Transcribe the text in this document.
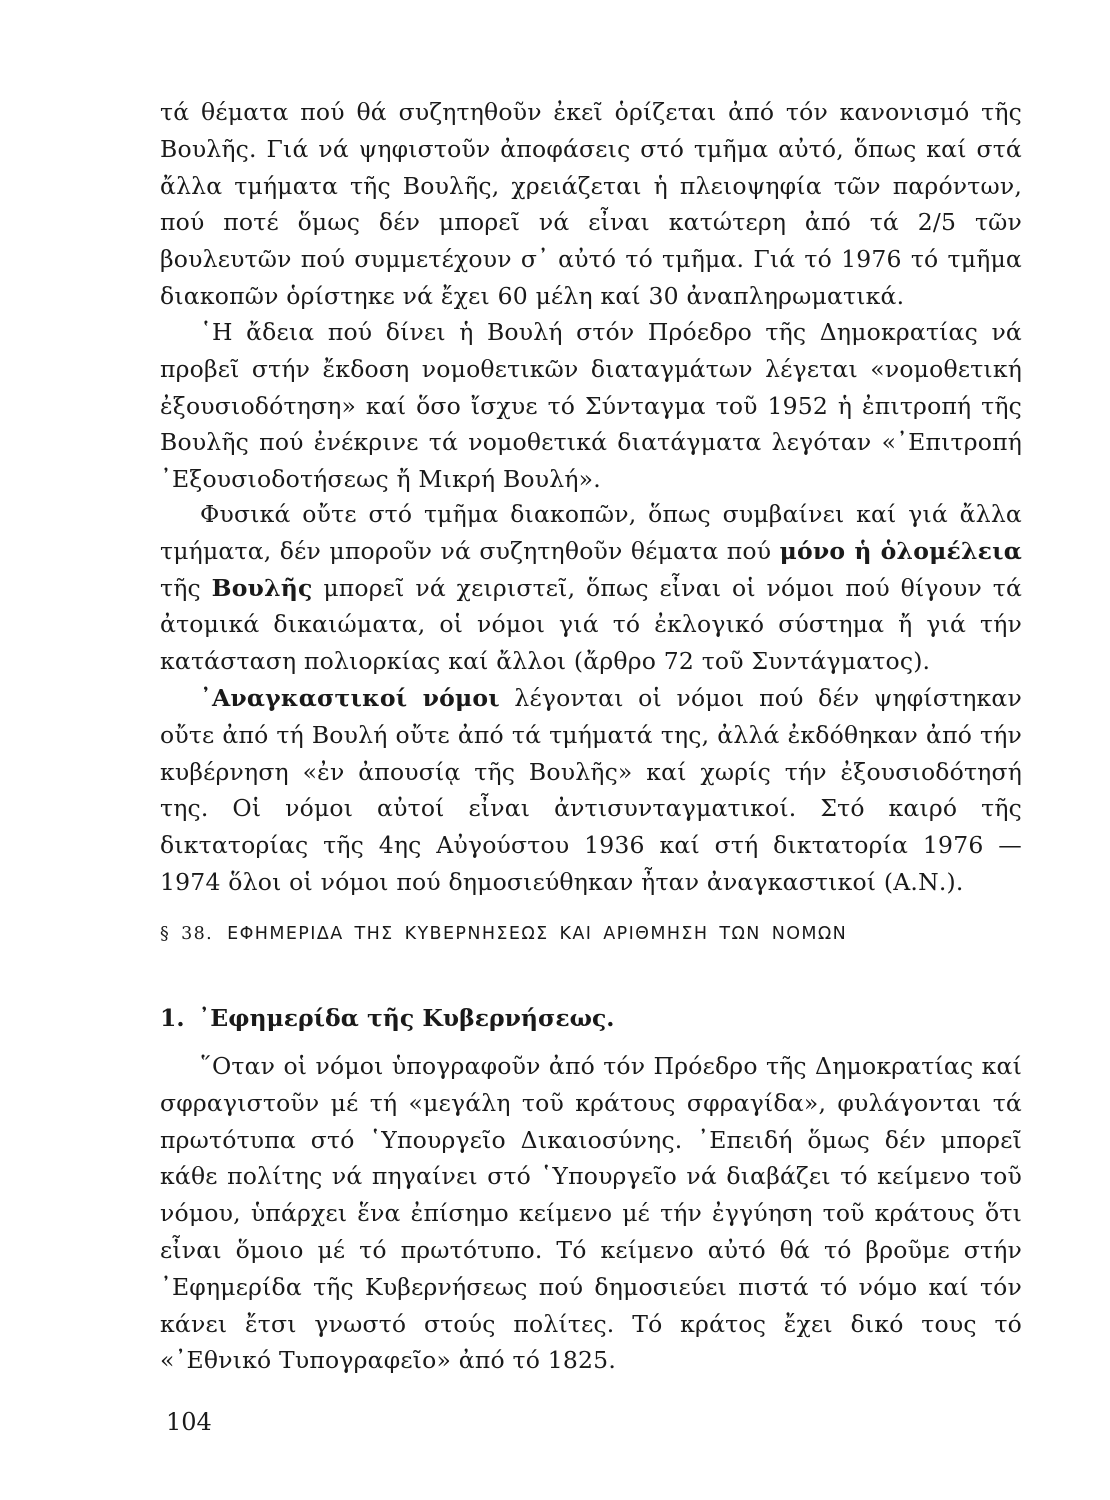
τά θέματα πού θά συζητηθοῦν ἐκεῖ ὁρίζεται ἀπό τόν κανονισμό τῆς Βουλῆς. Γιά νά ψηφιστοῦν ἀποφάσεις στό τμῆμα αὐτό, ὅπως καί στά ἄλλα τμήματα τῆς Βουλῆς, χρειάζεται ἡ πλειοψηφία τῶν παρόντων, πού ποτέ ὅμως δέν μπορεῖ νά εἶναι κατώτερη ἀπό τά 2/5 τῶν βουλευτῶν πού συμμετέχουν σ᾽ αὐτό τό τμῆμα. Γιά τό 1976 τό τμῆμα διακοπῶν ὁρίστηκε νά ἔχει 60 μέλη καί 30 ἀναπληρωματικά.

῾Η ἄδεια πού δίνει ἡ Βουλή στόν Πρόεδρο τῆς Δημοκρατίας νά προβεῖ στήν ἔκδοση νομοθετικῶν διαταγμάτων λέγεται «νομοθετική ἐξουσιοδότηση» καί ὅσο ἴσχυε τό Σύνταγμα τοῦ 1952 ἡ ἐπιτροπή τῆς Βουλῆς πού ἐνέκρινε τά νομοθετικά διατάγματα λεγόταν «᾽Επιτροπή ᾽Εξουσιοδοτήσεως ἤ Μικρή Βουλή».

Φυσικά οὔτε στό τμῆμα διακοπῶν, ὅπως συμβαίνει καί γιά ἄλλα τμήματα, δέν μποροῦν νά συζητηθοῦν θέματα πού μόνο ἡ ὁλομέλεια τῆς Βουλῆς μπορεῖ νά χειριστεῖ, ὅπως εἶναι οἱ νόμοι πού θίγουν τά ἀτομικά δικαιώματα, οἱ νόμοι γιά τό ἐκλογικό σύστημα ἤ γιά τήν κατάσταση πολιορκίας καί ἄλλοι (ἄρθρο 72 τοῦ Συντάγματος).

᾽Αναγκαστικοί νόμοι λέγονται οἱ νόμοι πού δέν ψηφίστηκαν οὔτε ἀπό τή Βουλή οὔτε ἀπό τά τμήματά της, ἀλλά ἐκδόθηκαν ἀπό τήν κυβέρνηση «ἐν ἀπουσίᾳ τῆς Βουλῆς» καί χωρίς τήν ἐξουσιοδότησή της. Οἱ νόμοι αὐτοί εἶναι ἀντισυνταγματικοί. Στό καιρό τῆς δικτατορίας τῆς 4ης Αὐγούστου 1936 καί στή δικτατορία 1976 — 1974 ὅλοι οἱ νόμοι πού δημοσιεύθηκαν ἦταν ἀναγκαστικοί (Α.Ν.).

§ 38. ΕΦΗΜΕΡΙΔΑ ΤΗΣ ΚΥΒΕΡΝΗΣΕΩΣ ΚΑΙ ΑΡΙΘΜΗΣΗ ΤΩΝ ΝΟΜΩΝ
1. ᾽Εφημερίδα τῆς Κυβερνήσεως.

῞Οταν οἱ νόμοι ὑπογραφοῦν ἀπό τόν Πρόεδρο τῆς Δημοκρατίας καί σφραγιστοῦν μέ τή «μεγάλη τοῦ κράτους σφραγίδα», φυλάγονται τά πρωτότυπα στό ῾Υπουργεῖο Δικαιοσύνης. ᾽Επειδή ὅμως δέν μπορεῖ κάθε πολίτης νά πηγαίνει στό ῾Υπουργεῖο νά διαβάζει τό κείμενο τοῦ νόμου, ὑπάρχει ἕνα ἐπίσημο κείμενο μέ τήν ἐγγύηση τοῦ κράτους ὅτι εἶναι ὅμοιο μέ τό πρωτότυπο. Τό κείμενο αὐτό θά τό βροῦμε στήν ᾽Εφημερίδα τῆς Κυβερνήσεως πού δημοσιεύει πιστά τό νόμο καί τόν κάνει ἔτσι γνωστό στούς πολίτες. Τό κράτος ἔχει δικό τους τό «᾽Εθνικό Τυπογραφεῖο» ἀπό τό 1825.

104
